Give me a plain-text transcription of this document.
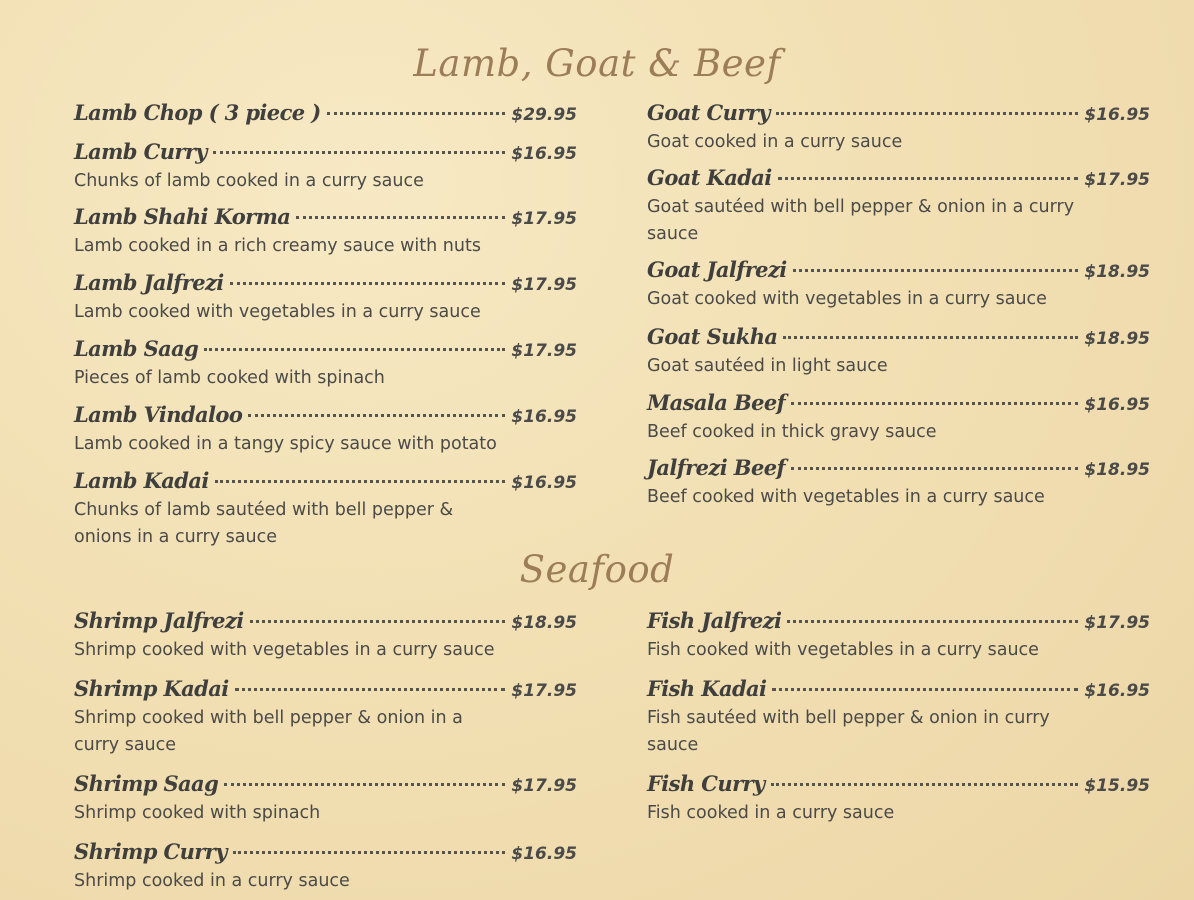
Lamb, Goat & Beef
Lamb Chop ( 3 piece )	$29.95
Lamb Curry	$16.95
Chunks of lamb cooked in a curry sauce
Lamb Shahi Korma	$17.95
Lamb cooked in a rich creamy sauce with nuts
Lamb Jalfrezi	$17.95
Lamb cooked with vegetables in a curry sauce
Lamb Saag	$17.95
Pieces of lamb cooked with spinach
Lamb Vindaloo	$16.95
Lamb cooked in a tangy spicy sauce with potato
Lamb Kadai	$16.95
Chunks of lamb sautéed with bell pepper & onions in a curry sauce
Goat Curry	$16.95
Goat cooked in a curry sauce
Goat Kadai	$17.95
Goat sautéed with bell pepper & onion in a curry sauce
Goat Jalfrezi	$18.95
Goat cooked with vegetables in a curry sauce
Goat Sukha	$18.95
Goat sautéed in light sauce
Masala Beef	$16.95
Beef cooked in thick gravy sauce
Jalfrezi Beef	$18.95
Beef cooked with vegetables in a curry sauce
Seafood
Shrimp Jalfrezi	$18.95
Shrimp cooked with vegetables in a curry sauce
Shrimp Kadai	$17.95
Shrimp cooked with bell pepper & onion in a curry sauce
Shrimp Saag	$17.95
Shrimp cooked with spinach
Shrimp Curry	$16.95
Shrimp cooked in a curry sauce
Fish Jalfrezi	$17.95
Fish cooked with vegetables in a curry sauce
Fish Kadai	$16.95
Fish sautéed with bell pepper & onion in curry sauce
Fish Curry	$15.95
Fish cooked in a curry sauce
